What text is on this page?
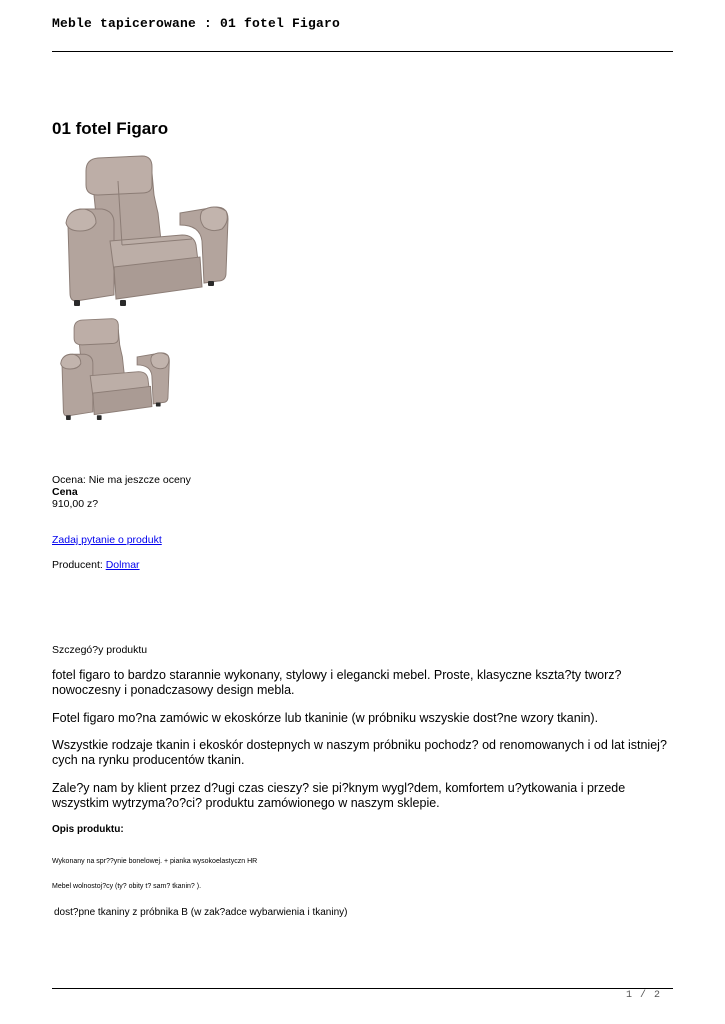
Meble tapicerowane : 01 fotel Figaro
01 fotel Figaro
Ocena: Nie ma jeszcze oceny
Cena
910,00 z?
Zadaj pytanie o produkt
Producent: Dolmar
Szczegó?y produktu

fotel figaro to bardzo starannie wykonany, stylowy i elegancki mebel. Proste, klasyczne kszta?ty tworz? nowoczesny i ponadczasowy design mebla.

Fotel figaro mo?na zamówic w ekoskórze lub tkaninie (w próbniku wszyskie dost?ne wzory tkanin).

Wszystkie rodzaje tkanin i ekoskór dostepnych w naszym próbniku pochodz? od renomowanych i od lat istniej?cych na rynku producentów tkanin.

Zale?y nam by klient przez d?ugi czas cieszy? sie pi?knym wygl?dem, komfortem u?ytkowania i przede wszystkim wytrzyma?o?ci? produktu zamówionego w naszym sklepie.

Opis produktu:
Wykonany na spr??ynie bonelowej. + pianka wysokoelastyczn HR
Mebel wolnostoj?cy (ty? obity t? sam? tkanin? ).
dost?pne tkaniny z próbnika B (w zak?adce wybarwienia i tkaniny)
1 / 2
